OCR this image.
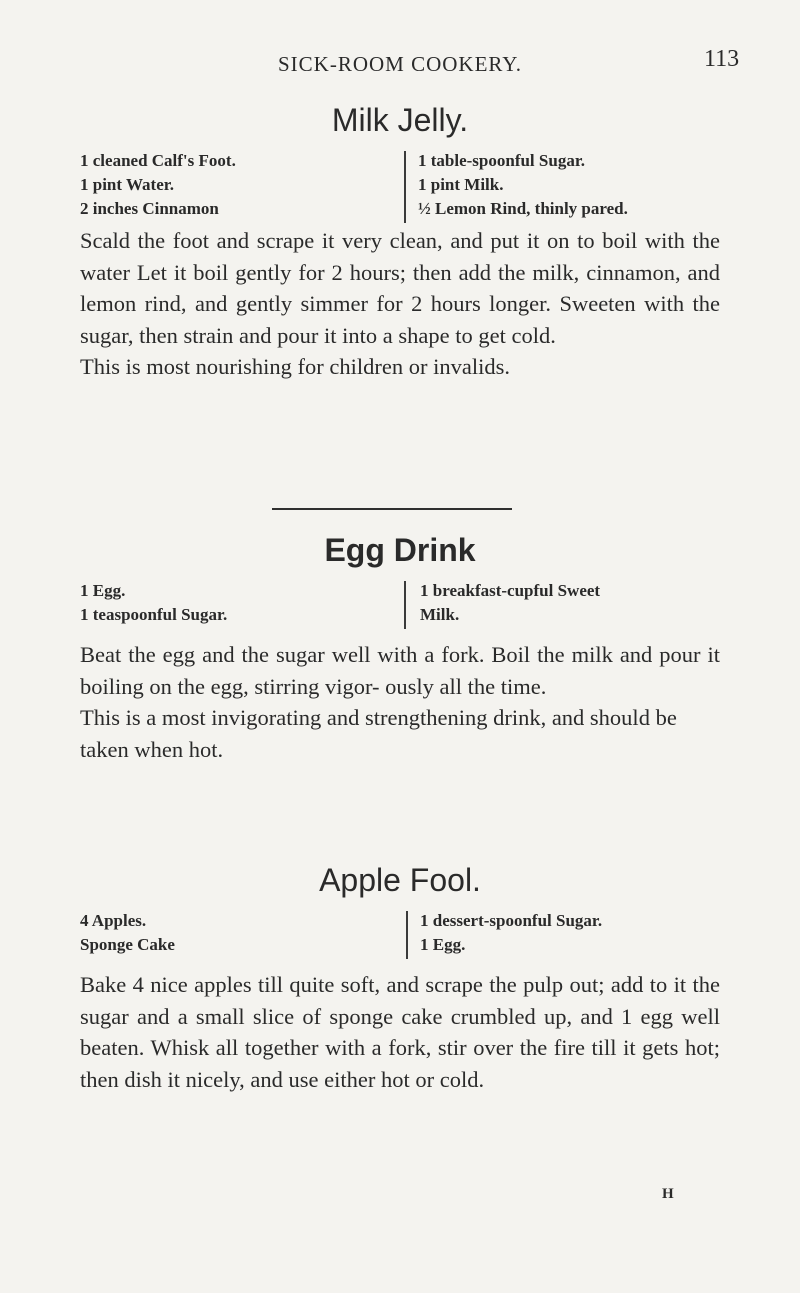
SICK-ROOM COOKERY.	113
Milk Jelly.
1 cleaned Calf's Foot.
1 pint Water.
2 inches Cinnamon
1 table-spoonful Sugar.
1 pint Milk.
½ Lemon Rind, thinly pared.

Scald the foot and scrape it very clean, and put it on to boil with the water Let it boil gently for 2 hours; then add the milk, cinnamon, and lemon rind, and gently simmer for 2 hours longer. Sweeten with the sugar, then strain and pour it into a shape to get cold.

This is most nourishing for children or invalids.

Egg Drink
1 Egg.
1 teaspoonful Sugar.
1 breakfast-cupful Sweet
Milk.

Beat the egg and the sugar well with a fork. Boil the milk and pour it boiling on the egg, stirring vigor- ously all the time.

This is a most invigorating and strengthening drink, and should be taken when hot.

Apple Fool.
4 Apples.
Sponge Cake
1 dessert-spoonful Sugar.
1 Egg.

Bake 4 nice apples till quite soft, and scrape the pulp out; add to it the sugar and a small slice of sponge cake crumbled up, and 1 egg well beaten. Whisk all together with a fork, stir over the fire till it gets hot; then dish it nicely, and use either hot or cold.

H
